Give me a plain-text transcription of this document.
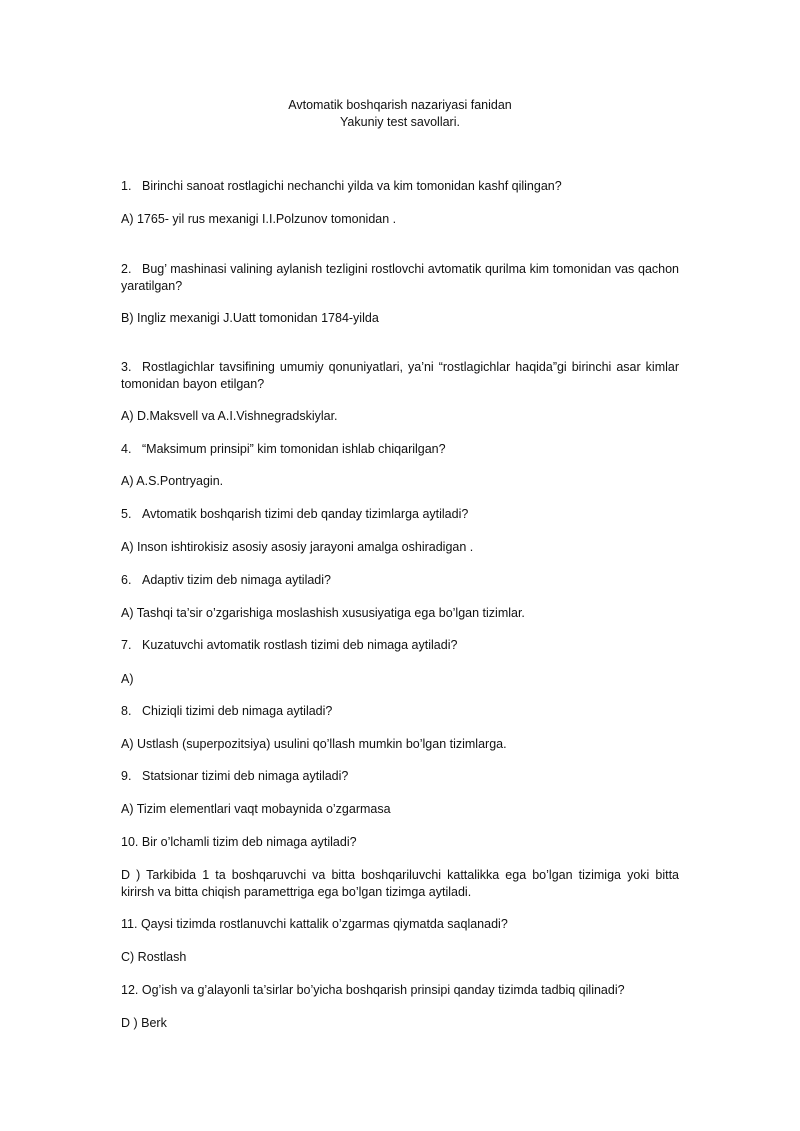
Avtomatik boshqarish nazariyasi fanidan
Yakuniy test savollari.
1. Birinchi sanoat rostlagichi nechanchi yilda va kim tomonidan kashf qilingan?
A) 1765- yil rus mexanigi I.I.Polzunov tomonidan .
2. Bug’ mashinasi valining aylanish tezligini rostlovchi avtomatik qurilma kim tomonidan vas qachon yaratilgan?
B) Ingliz mexanigi J.Uatt tomonidan 1784-yilda
3. Rostlagichlar tavsifining umumiy qonuniyatlari, ya’ni “rostlagichlar haqida”gi birinchi asar kimlar tomonidan bayon etilgan?
A) D.Maksvell va A.I.Vishnegradskiylar.
4. “Maksimum prinsipi” kim tomonidan ishlab chiqarilgan?
A) A.S.Pontryagin.
5. Avtomatik boshqarish tizimi deb qanday tizimlarga aytiladi?
A) Inson ishtirokisiz asosiy asosiy jarayoni amalga oshiradigan .
6. Adaptiv tizim deb nimaga aytiladi?
A) Tashqi ta’sir o’zgarishiga moslashish xususiyatiga ega bo’lgan tizimlar.
7. Kuzatuvchi avtomatik rostlash tizimi deb nimaga aytiladi?
A)
8. Chiziqli tizimi deb nimaga aytiladi?
A) Ustlash (superpozitsiya) usulini qo’llash mumkin bo’lgan tizimlarga.
9. Statsionar tizimi deb nimaga aytiladi?
A) Tizim elementlari vaqt mobaynida o’zgarmasa
10. Bir o’lchamli tizim deb nimaga aytiladi?
D ) Tarkibida 1 ta boshqaruvchi va bitta boshqariluvchi kattalikka ega bo’lgan tizimiga yoki bitta kirirsh va bitta chiqish paramettriga ega bo’lgan tizimga aytiladi.
11. Qaysi tizimda rostlanuvchi kattalik o’zgarmas qiymatda saqlanadi?
C) Rostlash
12. Og’ish va g’alayonli ta’sirlar bo’yicha boshqarish prinsipi qanday tizimda tadbiq qilinadi?
D ) Berk
